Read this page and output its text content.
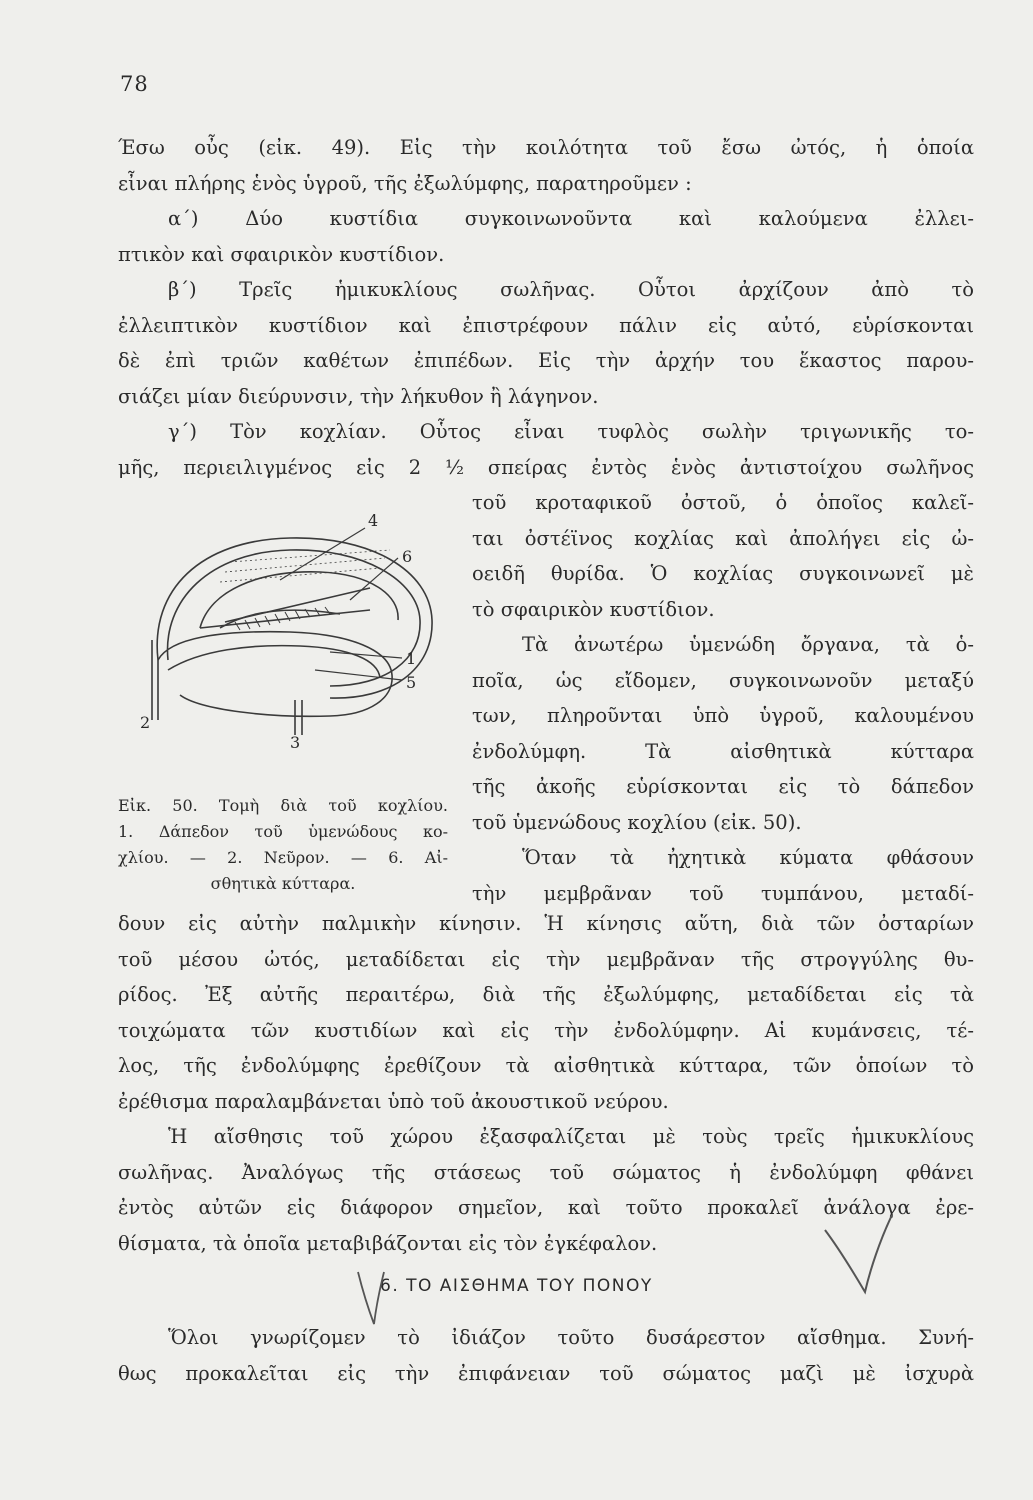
78
Έσω οὖς (εἰκ. 49). Εἰς τὴν κοιλότητα τοῦ ἔσω ὠτός, ἡ ὁποία
εἶναι πλήρης ἑνὸς ὑγροῦ, τῆς ἐξωλύμφης, παρατηροῦμεν :
α΄) Δύο κυστίδια συγκοινωνοῦντα καὶ καλούμενα ἐλλει-
πτικὸν καὶ σφαιρικὸν κυστίδιον.
β΄) Τρεῖς ἡμικυκλίους σωλῆνας. Οὗτοι ἀρχίζουν ἀπὸ τὸ
ἐλλειπτικὸν κυστίδιον καὶ ἐπιστρέφουν πάλιν εἰς αὐτό, εὑρίσκονται
δὲ ἐπὶ τριῶν καθέτων ἐπιπέδων. Εἰς τὴν ἀρχήν του ἕκαστος παρου-
σιάζει μίαν διεύρυνσιν, τὴν λήκυθον ἢ λάγηνον.
γ΄) Τὸν κοχλίαν. Οὗτος εἶναι τυφλὸς σωλὴν τριγωνικῆς το-
μῆς, περιειλιγμένος εἰς 2 ½ σπείρας ἐντὸς ἑνὸς ἀντιστοίχου σωλῆνος
τοῦ κροταφικοῦ ὀστοῦ, ὁ ὁποῖος καλεῖ-
ται ὀστέϊνος κοχλίας καὶ ἀπολήγει εἰς ὠ-
οειδῆ θυρίδα. Ὁ κοχλίας συγκοινωνεῖ μὲ
τὸ σφαιρικὸν κυστίδιον.
Τὰ ἀνωτέρω ὑμενώδη ὄργανα, τὰ ὁ-
ποῖα, ὡς εἴδομεν, συγκοινωνοῦν μεταξύ
των, πληροῦνται ὑπὸ ὑγροῦ, καλουμένου
ἐνδολύμφη. Τὰ αἰσθητικὰ κύτταρα
τῆς ἀκοῆς εὑρίσκονται εἰς τὸ δάπεδον
τοῦ ὑμενώδους κοχλίου (εἰκ. 50).
Ὅταν τὰ ἠχητικὰ κύματα φθάσουν
τὴν μεμβρᾶναν τοῦ τυμπάνου, μεταδί-
4
6
1
5
2
3
Εἰκ. 50. Τομὴ διὰ τοῦ κοχλίου.
1. Δάπεδον τοῦ ὑμενώδους κο-
χλίου. — 2. Νεῦρον. — 6. Αἰ-
σθητικὰ κύτταρα.
δουν εἰς αὐτὴν παλμικὴν κίνησιν. Ἡ κίνησις αὕτη, διὰ τῶν ὀσταρίων
τοῦ μέσου ὠτός, μεταδίδεται εἰς τὴν μεμβρᾶναν τῆς στρογγύλης θυ-
ρίδος. Ἐξ αὐτῆς περαιτέρω, διὰ τῆς ἐξωλύμφης, μεταδίδεται εἰς τὰ
τοιχώματα τῶν κυστιδίων καὶ εἰς τὴν ἐνδολύμφην. Αἱ κυμάνσεις, τέ-
λος, τῆς ἐνδολύμφης ἐρεθίζουν τὰ αἰσθητικὰ κύτταρα, τῶν ὁποίων τὸ
ἐρέθισμα παραλαμβάνεται ὑπὸ τοῦ ἀκουστικοῦ νεύρου.
Ἡ αἴσθησις τοῦ χώρου ἐξασφαλίζεται μὲ τοὺς τρεῖς ἡμικυκλίους
σωλῆνας. Ἀναλόγως τῆς στάσεως τοῦ σώματος ἡ ἐνδολύμφη φθάνει
ἐντὸς αὐτῶν εἰς διάφορον σημεῖον, καὶ τοῦτο προκαλεῖ ἀνάλογα ἐρε-
θίσματα, τὰ ὁποῖα μεταβιβάζονται εἰς τὸν ἐγκέφαλον.
6. ΤΟ ΑΙΣΘΗΜΑ ΤΟΥ ΠΟΝΟΥ
Ὅλοι γνωρίζομεν τὸ ἰδιάζον τοῦτο δυσάρεστον αἴσθημα. Συνή-
θως προκαλεῖται εἰς τὴν ἐπιφάνειαν τοῦ σώματος μαζὶ μὲ ἰσχυρὰ
